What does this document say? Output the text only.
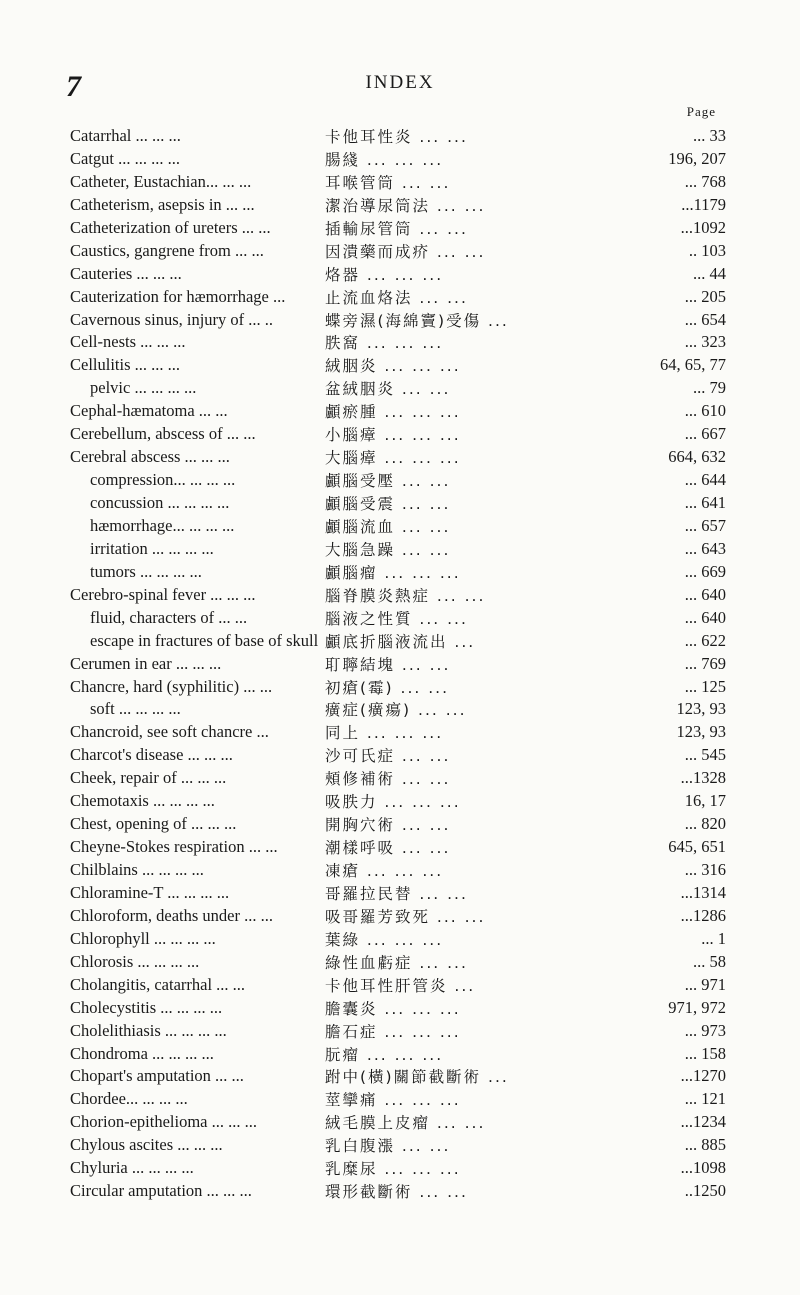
7	INDEX
Page
Catarrhal ... ... ...	卡他耳性炎 ... ...	... 33
Catgut ... ... ... ...	腸綫 ... ... ...	196, 207
Catheter, Eustachian... ... ...	耳喉管筒 ... ...	... 768
Catheterism, asepsis in ... ...	潔治導尿筒法 ... ...	...1179
Catheterization of ureters ... ...	插輸尿管筒 ... ...	...1092
Caustics, gangrene from ... ...	因潰藥而成疥 ... ...	.. 103
Cauteries ... ... ...	烙器 ... ... ...	... 44
Cauterization for hæmorrhage ...	止流血烙法 ... ...	... 205
Cavernous sinus, injury of ... ..	蝶旁濕(海綿竇)受傷 ...	... 654
Cell-nests ... ... ...	胅窩 ... ... ...	... 323
Cellulitis ... ... ...	絨胭炎 ... ... ...	64, 65, 77
pelvic ... ... ... ...	盆絨胭炎 ... ...	... 79
Cephal-hæmatoma ... ...	顱瘀腫 ... ... ...	... 610
Cerebellum, abscess of ... ...	小腦瘴 ... ... ...	... 667
Cerebral abscess ... ... ...	大腦瘴 ... ... ...	664, 632
compression... ... ... ...	顱腦受壓 ... ...	... 644
concussion ... ... ... ...	顱腦受震 ... ...	... 641
hæmorrhage... ... ... ...	顱腦流血 ... ...	... 657
irritation ... ... ... ...	大腦急躁 ... ...	... 643
tumors ... ... ... ...	顱腦瘤 ... ... ...	... 669
Cerebro-spinal fever ... ... ...	腦脊膜炎熱症 ... ...	... 640
fluid, characters of ... ...	腦液之性質 ... ...	... 640
escape in fractures of base of skull 顱底折腦液流出 ...	... 622
Cerumen in ear ... ... ...	耵聹結塊 ... ...	... 769
Chancre, hard (syphilitic) ... ...	初瘡(霉) ... ...	... 125
soft ... ... ... ...	癀症(癀瘍) ... ...	123, 93
Chancroid, see soft chancre ...	同上 ... ... ...	123, 93
Charcot's disease ... ... ...	沙可氏症 ... ...	... 545
Cheek, repair of ... ... ...	頰修補術 ... ...	...1328
Chemotaxis ... ... ... ...	吸胅力 ... ... ...	16, 17
Chest, opening of ... ... ...	開胸穴術 ... ...	... 820
Cheyne-Stokes respiration ... ...	潮樣呼吸 ... ...	645, 651
Chilblains ... ... ... ...	凍瘡 ... ... ...	... 316
Chloramine-T ... ... ... ...	哥羅拉民替 ... ...	...1314
Chloroform, deaths under ... ...	吸哥羅芳致死 ... ...	...1286
Chlorophyll ... ... ... ...	葉綠 ... ... ...	... 1
Chlorosis ... ... ... ...	綠性血虧症 ... ...	... 58
Cholangitis, catarrhal ... ...	卡他耳性肝管炎 ...	... 971
Cholecystitis ... ... ... ...	膽囊炎 ... ... ...	971, 972
Cholelithiasis ... ... ... ...	膽石症 ... ... ...	... 973
Chondroma ... ... ... ...	朊瘤 ... ... ...	... 158
Chopart's amputation ... ...	跗中(橫)關節截斷術 ...	...1270
Chordee... ... ... ...	莖攣痛 ... ... ...	... 121
Chorion-epithelioma ... ... ...	絨毛膜上皮瘤 ... ...	...1234
Chylous ascites ... ... ...	乳白腹漲 ... ...	... 885
Chyluria ... ... ... ...	乳糜尿 ... ... ...	...1098
Circular amputation ... ... ...	環形截斷術 ... ...	..1250
